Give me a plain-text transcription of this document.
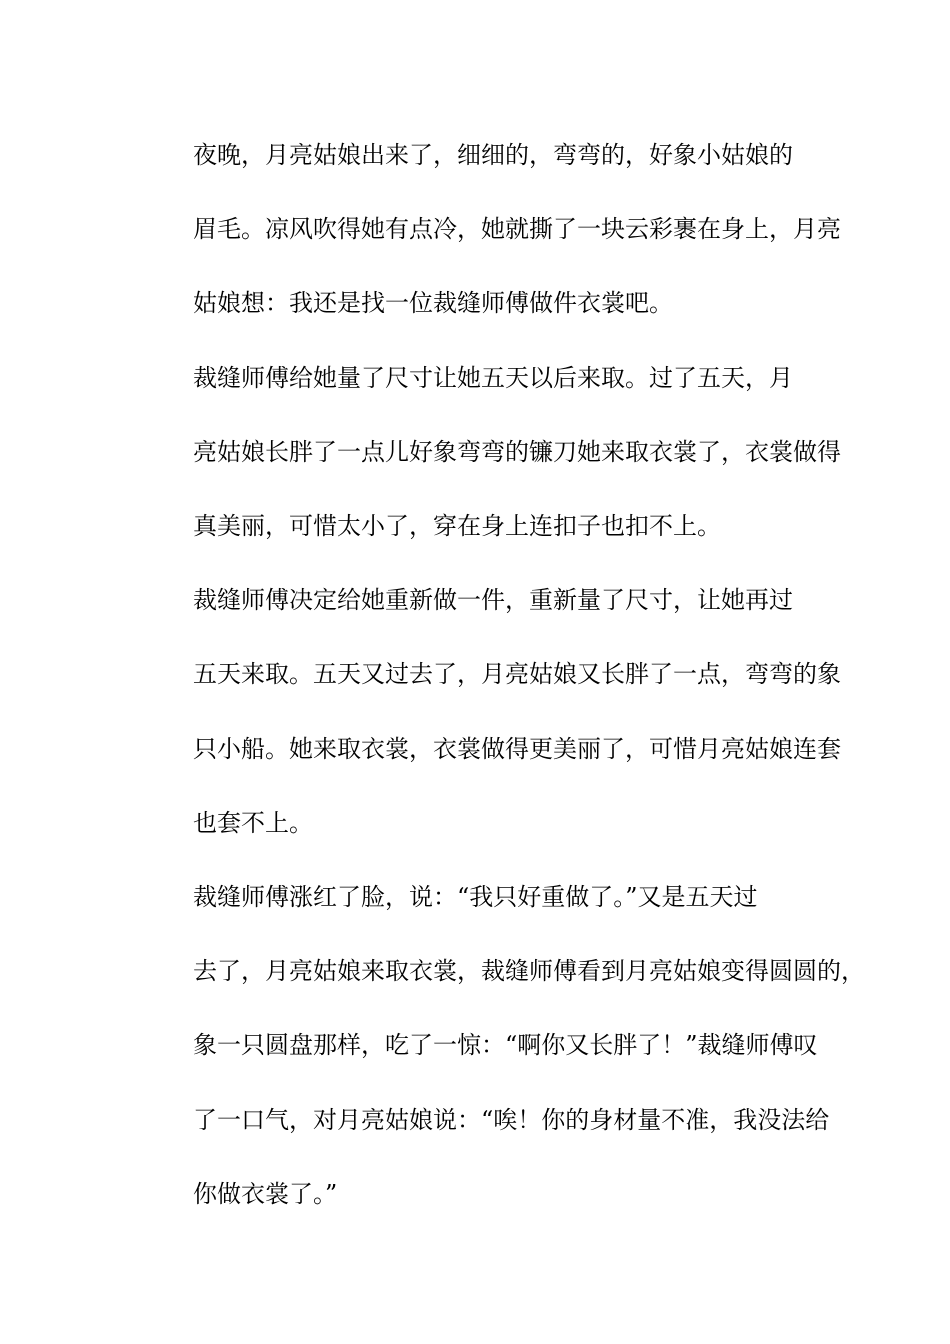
夜晚，月亮姑娘出来了，细细的，弯弯的，好象小姑娘的
眉毛。凉风吹得她有点冷，她就撕了一块云彩裹在身上，月亮
姑娘想：我还是找一位裁缝师傅做件衣裳吧。

裁缝师傅给她量了尺寸让她五天以后来取。过了五天，月
亮姑娘长胖了一点儿好象弯弯的镰刀她来取衣裳了，衣裳做得
真美丽，可惜太小了，穿在身上连扣子也扣不上。

裁缝师傅决定给她重新做一件，重新量了尺寸，让她再过
五天来取。五天又过去了，月亮姑娘又长胖了一点，弯弯的象
只小船。她来取衣裳，衣裳做得更美丽了，可惜月亮姑娘连套
也套不上。

裁缝师傅涨红了脸，说：“我只好重做了。”又是五天过
去了，月亮姑娘来取衣裳，裁缝师傅看到月亮姑娘变得圆圆的，
象一只圆盘那样，吃了一惊：“啊你又长胖了！”裁缝师傅叹
了一口气，对月亮姑娘说：“唉！你的身材量不准，我没法给
你做衣裳了。”
